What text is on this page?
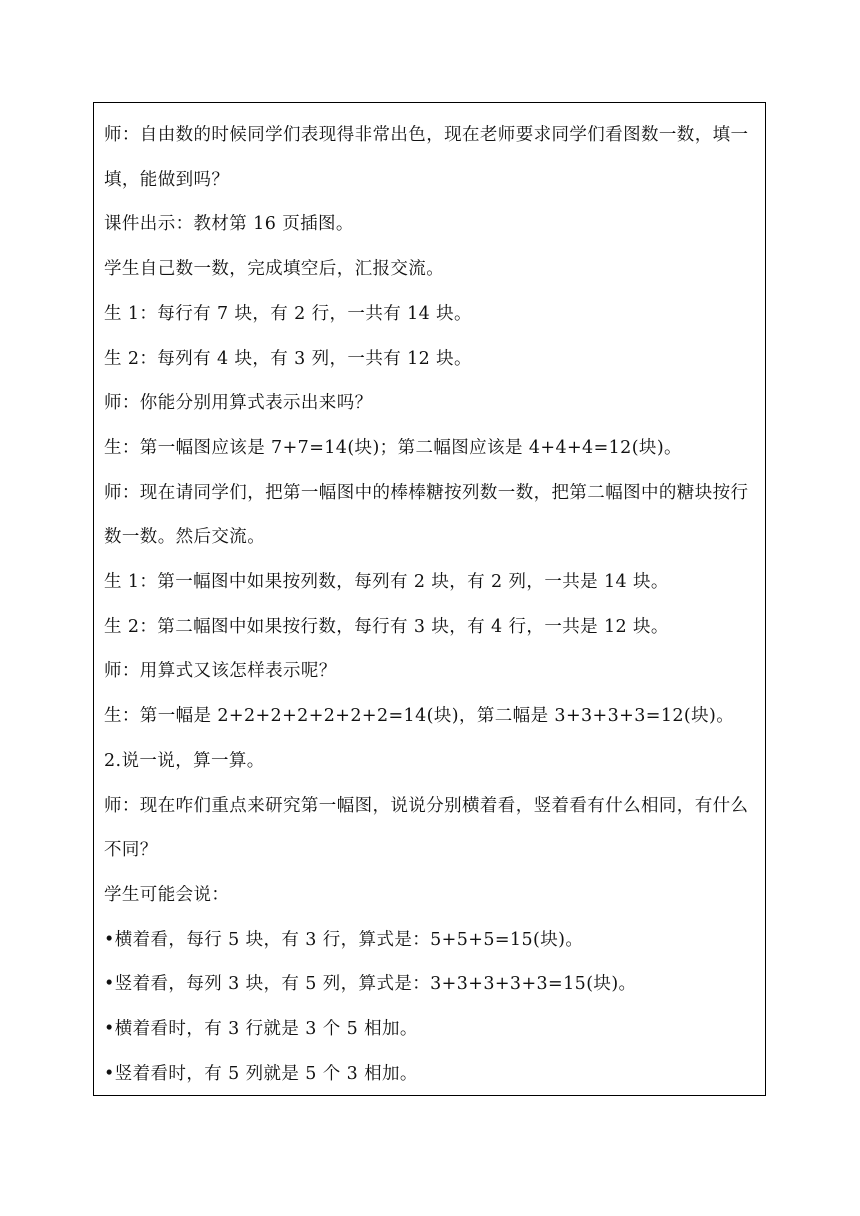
师：自由数的时候同学们表现得非常出色，现在老师要求同学们看图数一数，填一填，能做到吗？

课件出示：教材第 16 页插图。

学生自己数一数，完成填空后，汇报交流。

生 1：每行有 7 块，有 2 行，一共有 14 块。

生 2：每列有 4 块，有 3 列，一共有 12 块。

师：你能分别用算式表示出来吗？

生：第一幅图应该是 7+7=14(块)；第二幅图应该是 4+4+4=12(块)。

师：现在请同学们，把第一幅图中的棒棒糖按列数一数，把第二幅图中的糖块按行数一数。然后交流。

生 1：第一幅图中如果按列数，每列有 2 块，有 2 列，一共是 14 块。

生 2：第二幅图中如果按行数，每行有 3 块，有 4 行，一共是 12 块。

师：用算式又该怎样表示呢？

生：第一幅是 2+2+2+2+2+2+2=14(块)，第二幅是 3+3+3+3=12(块)。

2.说一说，算一算。

师：现在咋们重点来研究第一幅图，说说分别横着看，竖着看有什么相同，有什么不同？

学生可能会说：

•横着看，每行 5 块，有 3 行，算式是：5+5+5=15(块)。

•竖着看，每列 3 块，有 5 列，算式是：3+3+3+3+3=15(块)。

•横着看时，有 3 行就是 3 个 5 相加。

•竖着看时，有 5 列就是 5 个 3 相加。
